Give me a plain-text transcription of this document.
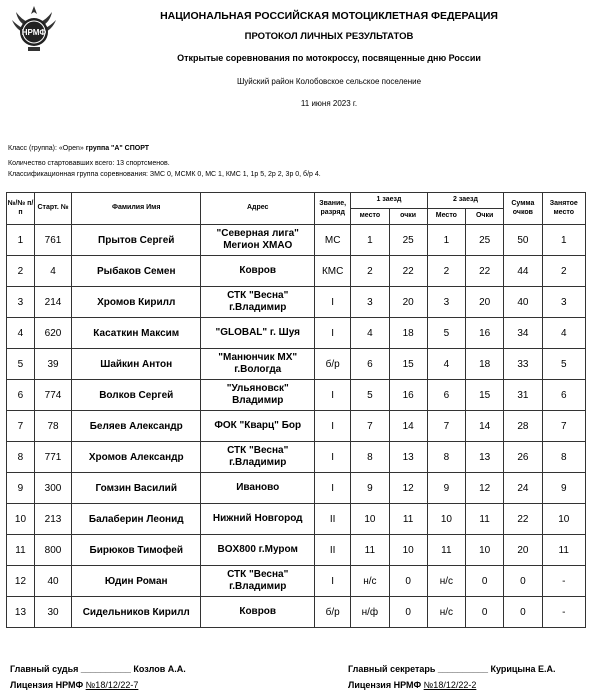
НРМФ
НАЦИОНАЛЬНАЯ РОССИЙСКАЯ МОТОЦИКЛЕТНАЯ ФЕДЕРАЦИЯ
ПРОТОКОЛ ЛИЧНЫХ РЕЗУЛЬТАТОВ
Открытые соревнования по мотокроссу, посвященные дню России
Шуйский район Колобовское сельское поселение
11 июня 2023 г.
Класс (группа): «Open» группа "А" СПОРТ
Количество стартовавших всего: 13 спортсменов.
Классификационная группа соревнования: ЗМС 0, МСМК 0, МС 1, КМС 1, 1р 5, 2р 2, 3р 0, б/р 4.
№/№ п/п	Старт. №	Фамилия Имя	Адрес	Звание, разряд	1 заезд		2 заезд		Сумма очков	Занятое место
					место	очки	Место	Очки		
1	761	Прытов Сергей	"Северная лига" Мегион ХМАО	МС	1	25	1	25	50	1
2	4	Рыбаков Семен	Ковров	КМС	2	22	2	22	44	2
3	214	Хромов Кирилл	СТК "Весна" г.Владимир	I	3	20	3	20	40	3
4	620	Касаткин Максим	"GLOBAL" г. Шуя	I	4	18	5	16	34	4
5	39	Шайкин Антон	"Манюнчик МХ" г.Вологда	б/р	6	15	4	18	33	5
6	774	Волков Сергей	"Ульяновск" Владимир	I	5	16	6	15	31	6
7	78	Беляев Александр	ФОК "Кварц" Бор	I	7	14	7	14	28	7
8	771	Хромов Александр	СТК "Весна" г.Владимир	I	8	13	8	13	26	8
9	300	Гомзин Василий	Иваново	I	9	12	9	12	24	9
10	213	Балаберин Леонид	Нижний Новгород	II	10	11	10	11	22	10
11	800	Бирюков Тимофей	BOX800 г.Муром	II	11	10	11	10	20	11
12	40	Юдин Роман	СТК "Весна" г.Владимир	I	н/с	0	н/с	0	0	-
13	30	Сидельников Кирилл	Ковров	б/р	н/ф	0	н/с	0	0	-
Главный судья __________ Козлов А.А.
Лицензия НРМФ №18/12/22-7
Главный секретарь __________ Курицына Е.А.
Лицензия НРМФ №18/12/22-2
